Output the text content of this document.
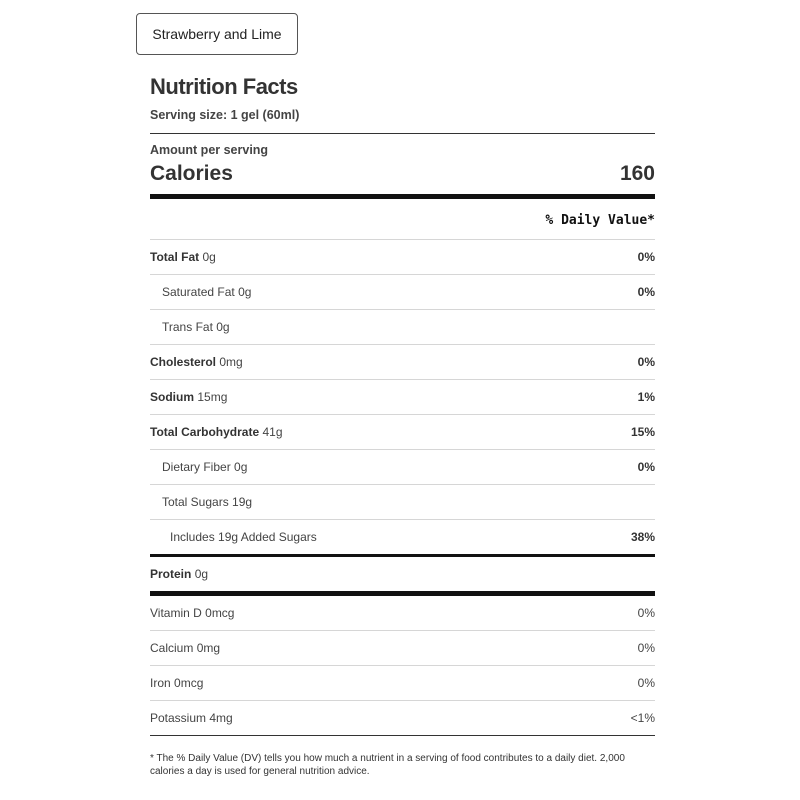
Strawberry and Lime
Nutrition Facts
Serving size: 1 gel (60ml)
Amount per serving
Calories	160
% Daily Value*
Total Fat 0g	0%
Saturated Fat 0g	0%
Trans Fat 0g
Cholesterol 0mg	0%
Sodium 15mg	1%
Total Carbohydrate 41g	15%
Dietary Fiber 0g	0%
Total Sugars 19g
Includes 19g Added Sugars	38%
Protein 0g
Vitamin D 0mcg	0%
Calcium 0mg	0%
Iron 0mcg	0%
Potassium 4mg	<1%
* The % Daily Value (DV) tells you how much a nutrient in a serving of food contributes to a daily diet. 2,000 calories a day is used for general nutrition advice.
